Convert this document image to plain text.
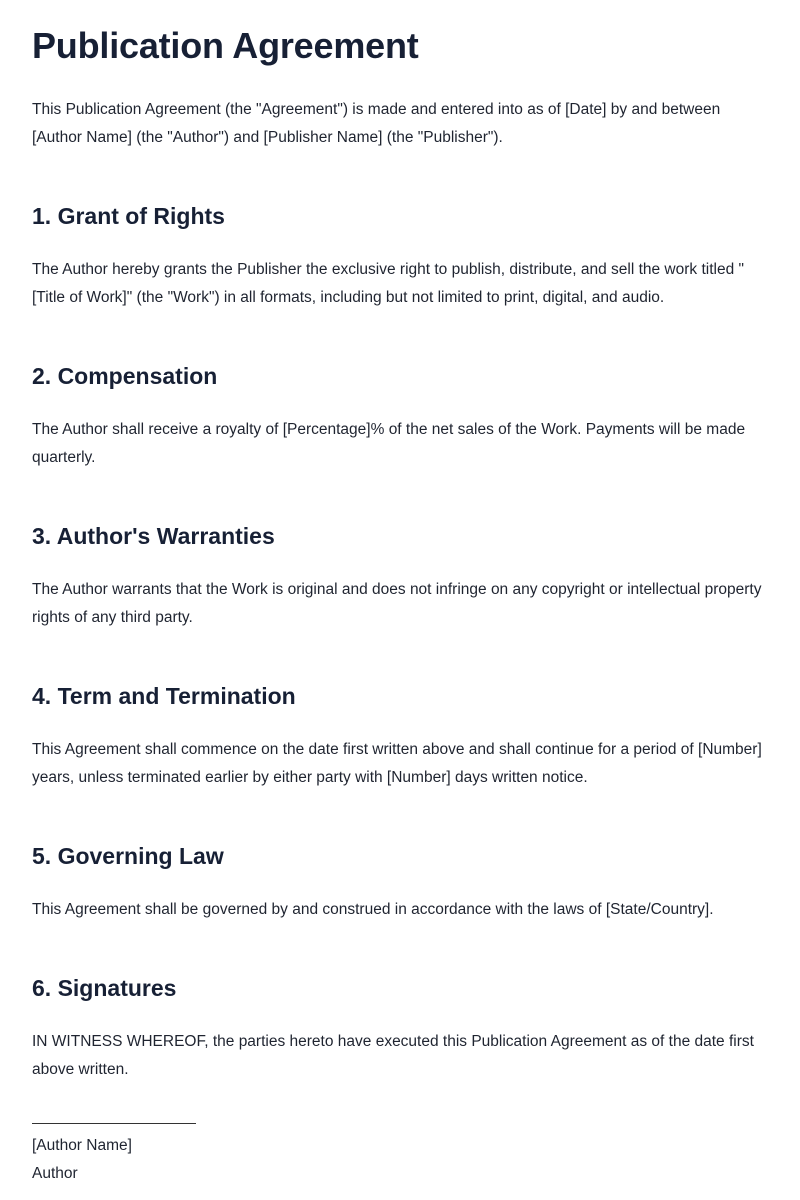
Publication Agreement

This Publication Agreement (the "Agreement") is made and entered into as of [Date] by and between [Author Name] (the "Author") and [Publisher Name] (the "Publisher").

1. Grant of Rights

The Author hereby grants the Publisher the exclusive right to publish, distribute, and sell the work titled "[Title of Work]" (the "Work") in all formats, including but not limited to print, digital, and audio.

2. Compensation

The Author shall receive a royalty of [Percentage]% of the net sales of the Work. Payments will be made quarterly.

3. Author's Warranties

The Author warrants that the Work is original and does not infringe on any copyright or intellectual property rights of any third party.

4. Term and Termination

This Agreement shall commence on the date first written above and shall continue for a period of [Number] years, unless terminated earlier by either party with [Number] days written notice.

5. Governing Law

This Agreement shall be governed by and construed in accordance with the laws of [State/Country].

6. Signatures

IN WITNESS WHEREOF, the parties hereto have executed this Publication Agreement as of the date first above written.

[Author Name]

Author
